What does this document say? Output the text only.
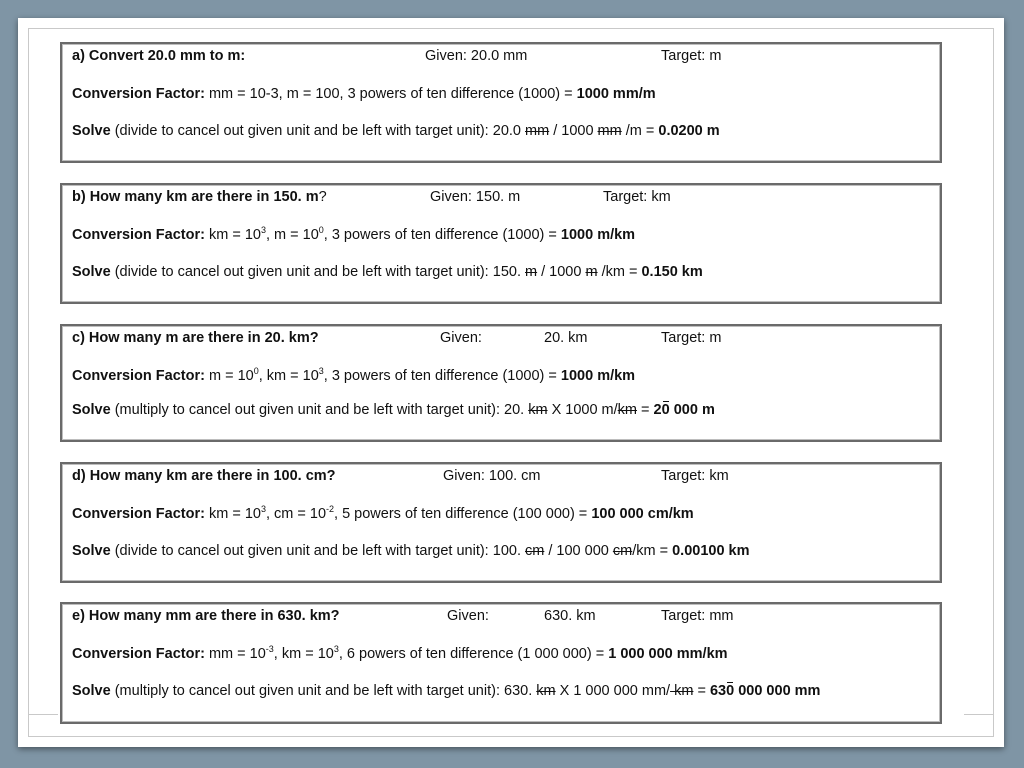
a) Convert 20.0 mm to m:	Given: 20.0 mm	Target: m
Conversion Factor: mm = 10-3, m = 100, 3 powers of ten difference (1000) = 1000 mm/m
Solve (divide to cancel out given unit and be left with target unit): 20.0 mm / 1000 mm /m = 0.0200 m
b) How many km are there in 150. m?	Given: 150. m	Target: km
Conversion Factor: km = $10^3$, $m = 10^0$, 3 powers of ten difference (1000) = 1000 m/km
Solve (divide to cancel out given unit and be left with target unit): 150. m / 1000 m /km = 0.150 km
c) How many m are there in 20. km?	Given:	20. km	Target: m
Conversion Factor: $m = 10^0$, km = $10^3$, 3 powers of ten difference (1000) = 1000 m/km
Solve (multiply to cancel out given unit and be left with target unit): 20. km X 1000 m/km = 20 000 m
d) How many km are there in 100. cm?	Given: 100. cm	Target: km
Conversion Factor: km = $10^3$, cm = $10^{-2}$, 5 powers of ten difference (100 000) = 100 000 cm/km
Solve (divide to cancel out given unit and be left with target unit): 100. cm / 100 000 cm/km = 0.00100 km
e) How many mm are there in 630. km?	Given:	630. km	Target: mm
Conversion Factor: mm = $10^{-3}$, km = $10^3$, 6 powers of ten difference (1 000 000) = 1 000 000 mm/km
Solve (multiply to cancel out given unit and be left with target unit): 630. km X 1 000 000 mm/ km = 630 000 000 mm
